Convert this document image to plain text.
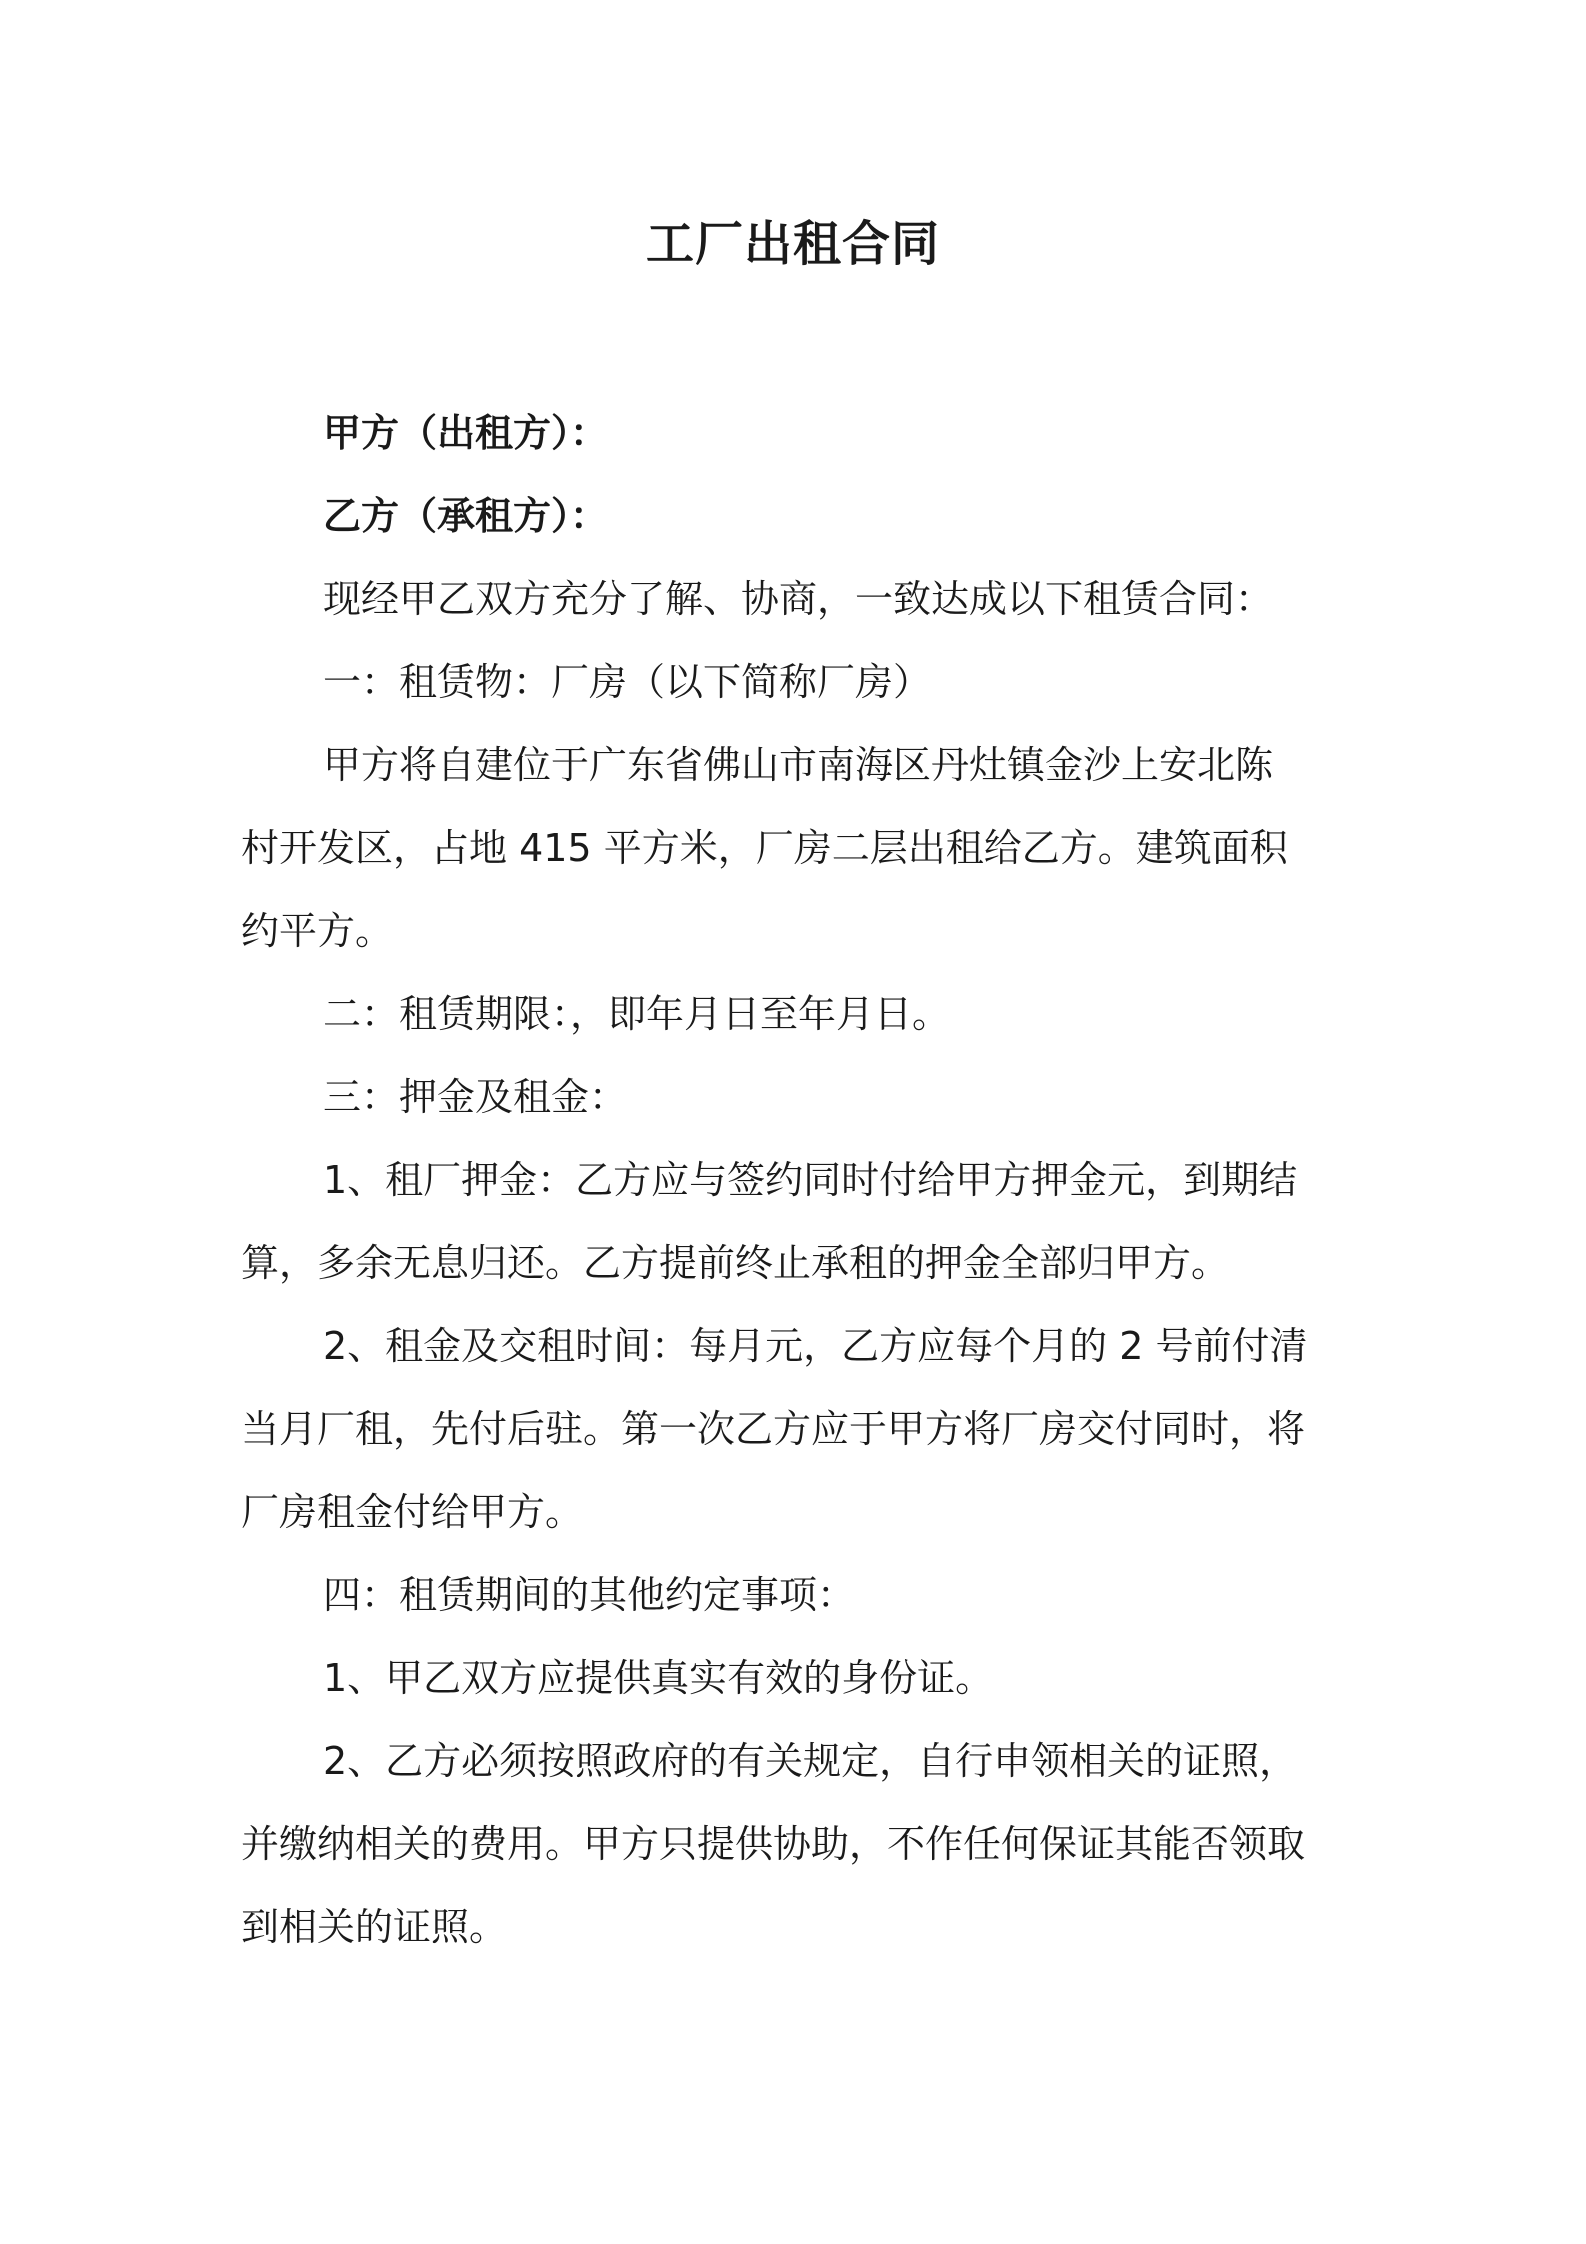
工厂出租合同
甲方（出租方）：
乙方（承租方）：
现经甲乙双方充分了解、协商，一致达成以下租赁合同：
一：租赁物：厂房（以下简称厂房）
甲方将自建位于广东省佛山市南海区丹灶镇金沙上安北陈
村开发区，占地 415 平方米，厂房二层出租给乙方。建筑面积
约平方。
二：租赁期限：，即年月日至年月日。
三：押金及租金：
1、租厂押金：乙方应与签约同时付给甲方押金元，到期结
算，多余无息归还。乙方提前终止承租的押金全部归甲方。
2、租金及交租时间：每月元，乙方应每个月的 2 号前付清
当月厂租，先付后驻。第一次乙方应于甲方将厂房交付同时，将
厂房租金付给甲方。
四：租赁期间的其他约定事项：
1、甲乙双方应提供真实有效的身份证。
2、乙方必须按照政府的有关规定，自行申领相关的证照，
并缴纳相关的费用。甲方只提供协助，不作任何保证其能否领取
到相关的证照。
